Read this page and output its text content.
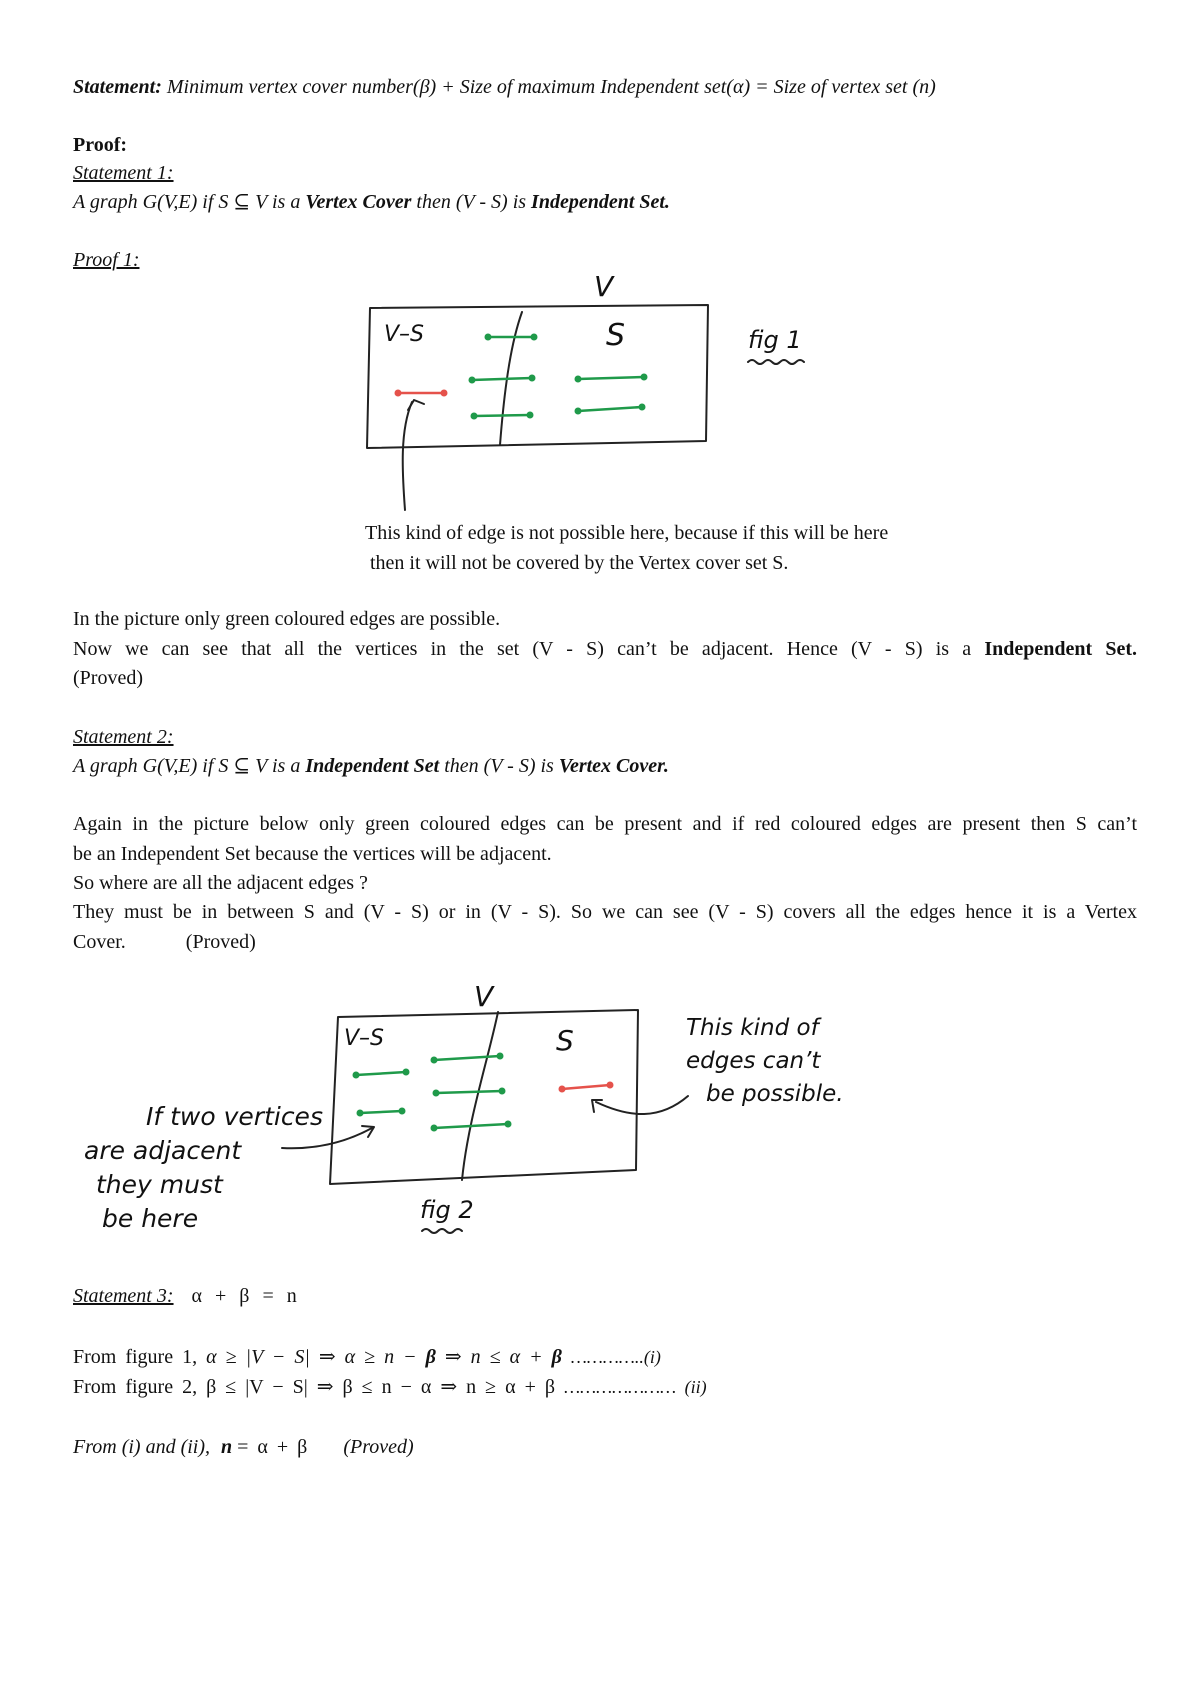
Statement: Minimum vertex cover number(β) + Size of maximum Independent set(α) = Size of vertex set (n)
Proof:
Statement 1:
A graph G(V,E) if S ⊆ V is a Vertex Cover then (V - S) is Independent Set.
Proof 1:
V
V–S	S	fig 1
This kind of edge is not possible here, because if this will be here
then it will not be covered by the Vertex cover set S.
In the picture only green coloured edges are possible.
Now we can see that all the vertices in the set (V - S) can’t be adjacent. Hence (V - S) is a Independent Set.
(Proved)
Statement 2:
A graph G(V,E) if S ⊆ V is a Independent Set then (V - S) is Vertex Cover.
Again in the picture below only green coloured edges can be present and if red coloured edges are present then S can’t
be an Independent Set because the vertices will be adjacent.
So where are all the adjacent edges ?
They must be in between S and (V - S) or in (V - S). So we can see (V - S) covers all the edges hence it is a Vertex
Cover.	(Proved)
V
V–S	S
fig 2
If two vertices
are adjacent
they must
be here
This kind of
edges can’t
be possible.
Statement 3: α + β = n
From figure 1, α ≥ |V − S| ⇒ α ≥ n − β ⇒ n ≤ α + β …………..(i)
From figure 2, β ≤ |V − S| ⇒ β ≤ n − α ⇒ n ≥ α + β ………………… (ii)
From (i) and (ii), n = α + β (Proved)
